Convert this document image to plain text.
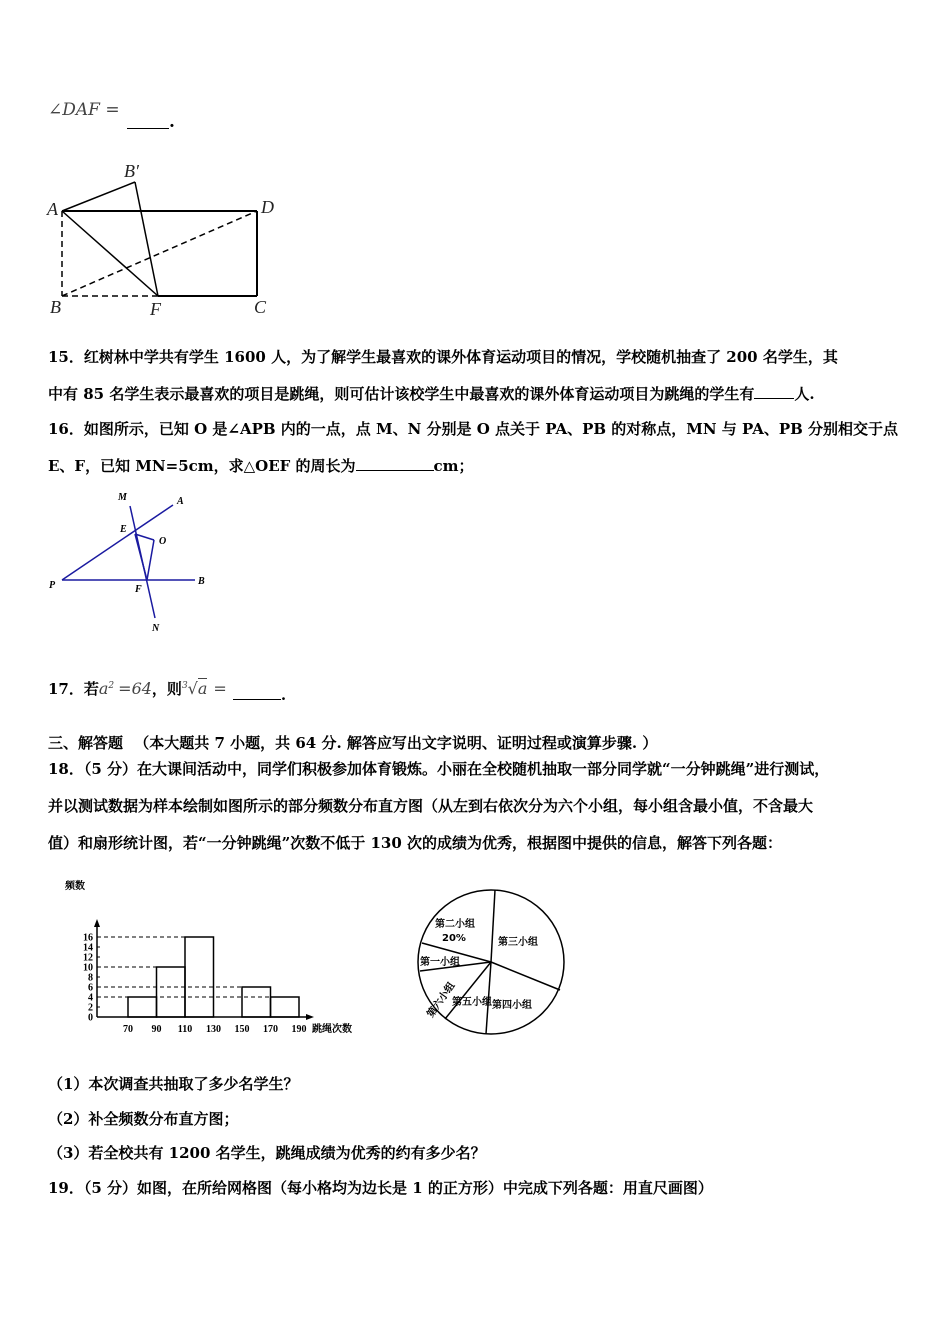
∠DAF = .
A
B′
D
B	F	C
15．红树林中学共有学生 1600 人，为了解学生最喜欢的课外体育运动项目的情况，学校随机抽查了 200 名学生，其
中有 85 名学生表示最喜欢的项目是跳绳，则可估计该校学生中最喜欢的课外体育运动项目为跳绳的学生有	人.
16．如图所示，已知 O 是∠APB 内的一点，点 M、N 分别是 O 点关于 PA、PB 的对称点，MN 与 PA、PB 分别相交于点
E、F，已知 MN=5cm，求△OEF 的周长为	cm；
M	A
E
O
P	F
B
N
17．若$a^2 =64$，则$^3$√a =	.
三、解答题 （本大题共 7 小题，共 64 分. 解答应写出文字说明、证明过程或演算步骤. ）
18．（5 分）在大课间活动中，同学们积极参加体育锻炼。小丽在全校随机抽取一部分同学就“一分钟跳绳”进行测试，
并以测试数据为样本绘制如图所示的部分频数分布直方图（从左到右依次分为六个小组，每小组含最小值，不含最大
值）和扇形统计图，若“一分钟跳绳”次数不低于 130 次的成绩为优秀，根据图中提供的信息，解答下列各题：
频数
跳绳次数
0
2
4
6
8
10
12
14
16
70 90 110 130 150 170 190
第二小组
20%	第三小组
第四小组
第五小组
第六小组
第一小组
（1）本次调查共抽取了多少名学生？
（2）补全频数分布直方图；
（3）若全校共有 1200 名学生，跳绳成绩为优秀的约有多少名？
19．（5 分）如图，在所给网格图（每小格均为边长是 1 的正方形）中完成下列各题：用直尺画图）
